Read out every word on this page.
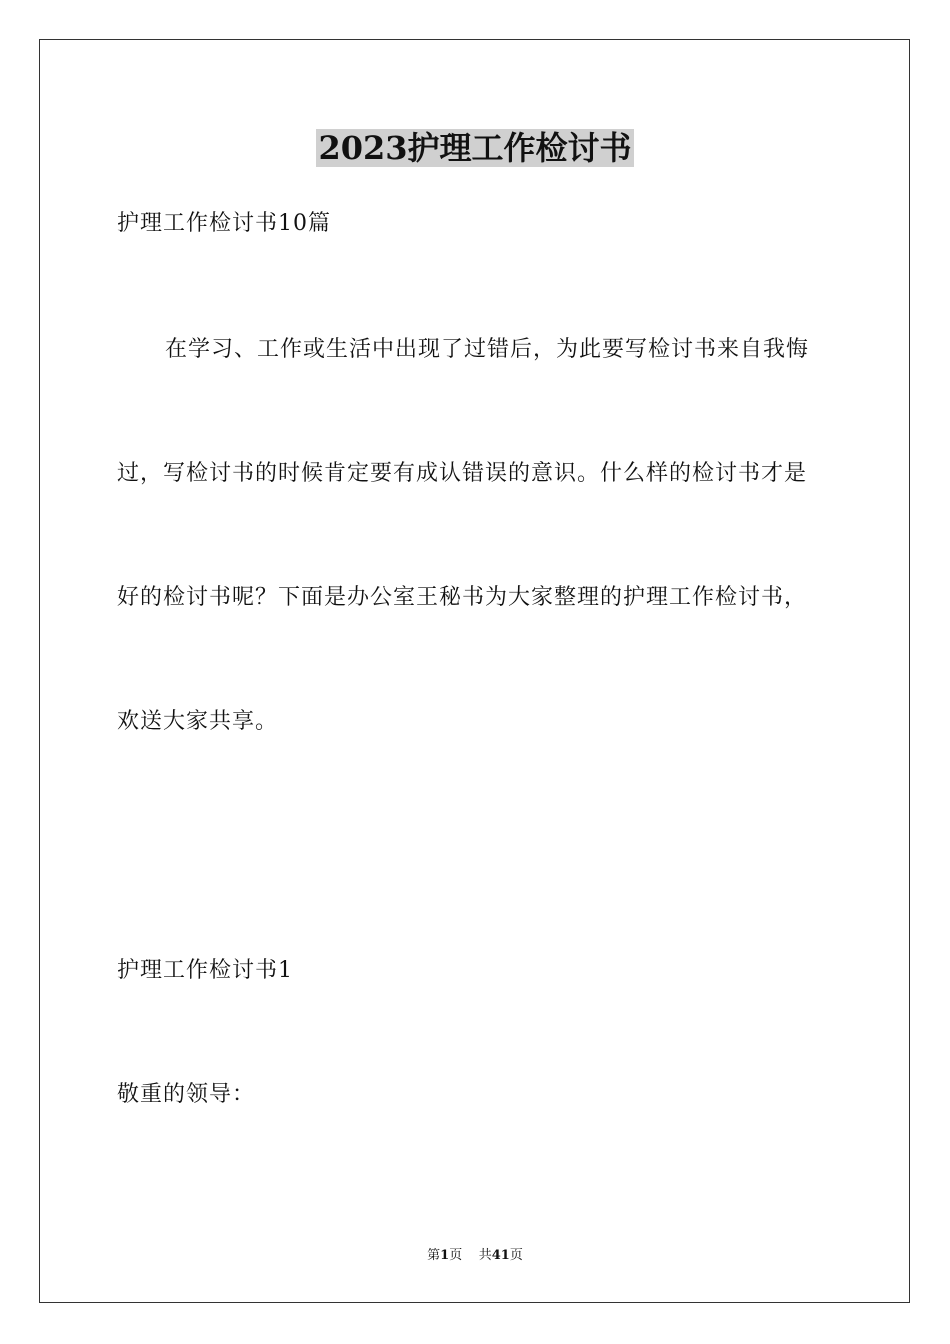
2023护理工作检讨书
护理工作检讨书10篇
在学习、工作或生活中出现了过错后，为此要写检讨书来自我悔
过，写检讨书的时候肯定要有成认错误的意识。什么样的检讨书才是
好的检讨书呢？下面是办公室王秘书为大家整理的护理工作检讨书，
欢送大家共享。
护理工作检讨书1
敬重的领导：
第1页 共41页
